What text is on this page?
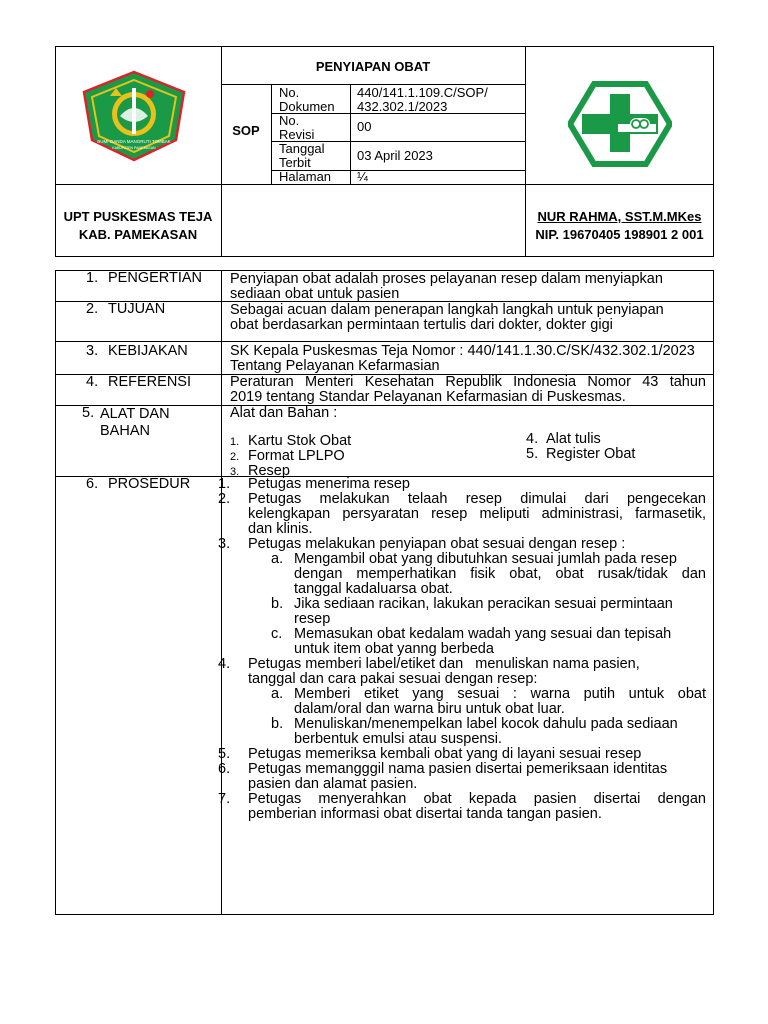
BUMI GANDA MANGRUTI TOMBAK
KABUPATEN PAMEKASAN
PENYIAPAN OBAT
SOP
No.
Dokumen
440/141.1.109.C/SOP/
432.302.1/2023
No.
Revisi
00
Tanggal
Terbit	03 April 2023
Halaman ¼
UPT PUSKESMAS TEJA
KAB. PAMEKASAN
NUR RAHMA, SST.M.MKes
NIP. 19670405 198901 2 001
1. PENGERTIAN Penyiapan obat adalah proses pelayanan resep dalam menyiapkan
sediaan obat untuk pasien
2. TUJUAN	Sebagai acuan dalam penerapan langkah langkah untuk penyiapan
obat berdasarkan permintaan tertulis dari dokter, dokter gigi
3. KEBIJAKAN	SK Kepala Puskesmas Teja Nomor : 440/141.1.30.C/SK/432.302.1/2023
Tentang Pelayanan Kefarmasian
4. REFERENSI	Peraturan Menteri Kesehatan Republik Indonesia Nomor 43 tahun
2019 tentang Standar Pelayanan Kefarmasian di Puskesmas.
5. ALAT DAN
BAHAN
Alat dan Bahan :
1. Kartu Stok Obat
2. Format LPLPO
3. Resep
4. Alat tulis
5. Register Obat
6. PROSEDUR 1. Petugas menerima resep
2. Petugas melakukan telaah resep dimulai dari pengecekan
kelengkapan persyaratan resep meliputi administrasi, farmasetik,
dan klinis.
3. Petugas melakukan penyiapan obat sesuai dengan resep :
a. Mengambil obat yang dibutuhkan sesuai jumlah pada resep
dengan memperhatikan fisik obat, obat rusak/tidak dan
tanggal kadaluarsa obat.
b. Jika sediaan racikan, lakukan peracikan sesuai permintaan
resep
c. Memasukan obat kedalam wadah yang sesuai dan tepisah
untuk item obat yanng berbeda
4. Petugas memberi label/etiket dan   menuliskan nama pasien,
tanggal dan cara pakai sesuai dengan resep:
a. Memberi etiket yang sesuai : warna putih untuk obat
dalam/oral dan warna biru untuk obat luar.
b. Menuliskan/menempelkan label kocok dahulu pada sediaan
berbentuk emulsi atau suspensi.
5. Petugas memeriksa kembali obat yang di layani sesuai resep
6. Petugas memangggil nama pasien disertai pemeriksaan identitas
pasien dan alamat pasien.
7. Petugas menyerahkan obat kepada pasien disertai dengan
pemberian informasi obat disertai tanda tangan pasien.
